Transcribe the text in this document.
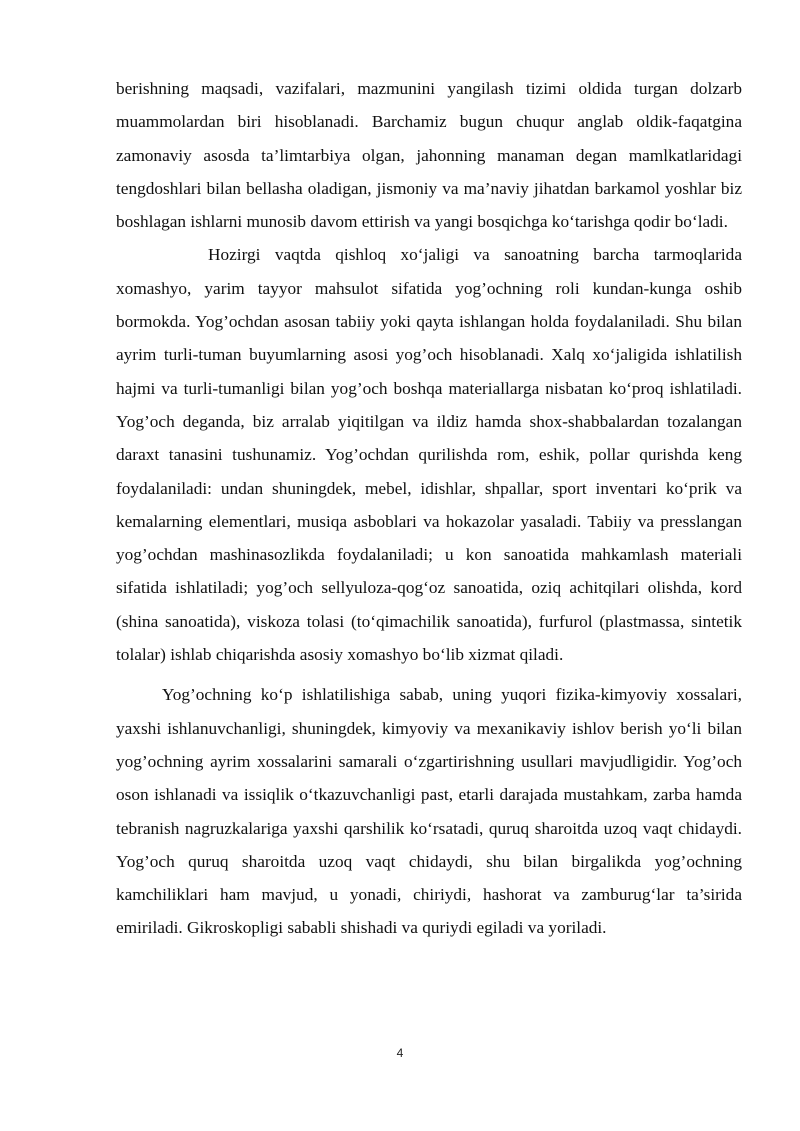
berishning maqsadi, vazifalari, mazmunini yangilash tizimi oldida turgan dolzarb muammolardan biri hisoblanadi. Barchamiz bugun chuqur anglab oldik-faqatgina zamonaviy asosda ta’limtarbiya olgan, jahonning manaman degan mamlkatlaridagi tengdoshlari bilan bellasha oladigan, jismoniy va ma’naviy jihatdan barkamol yoshlar biz boshlagan ishlarni munosib davom ettirish va yangi bosqichga ko‘tarishga qodir bo‘ladi.

Hozirgi vaqtda qishloq xo‘jaligi va sanoatning barcha tarmoqlarida xomashyo, yarim tayyor mahsulot sifatida yog’ochning roli kundan-kunga oshib bormokda. Yog’ochdan asosan tabiiy yoki qayta ishlangan holda foydalaniladi. Shu bilan ayrim turli-tuman buyumlarning asosi yog’och hisoblanadi. Xalq xo‘jaligida ishlatilish hajmi va turli-tumanligi bilan yog’och boshqa materiallarga nisbatan ko‘proq ishlatiladi. Yog’och deganda, biz arralab yiqitilgan va ildiz hamda shox-shabbalardan tozalangan daraxt tanasini tushunamiz. Yog’ochdan qurilishda rom, eshik, pollar qurishda keng foydalaniladi: undan shuningdek, mebel, idishlar, shpallar, sport inventari ko‘prik va kemalarning elementlari, musiqa asboblari va hokazolar yasaladi. Tabiiy va presslangan yog’ochdan mashinasozlikda foydalaniladi; u kon sanoatida mahkamlash materiali sifatida ishlatiladi; yog’och sellyuloza-qog‘oz sanoatida, oziq achitqilari olishda, kord (shina sanoatida), viskoza tolasi (to‘qimachilik sanoatida), furfurol (plastmassa, sintetik tolalar) ishlab chiqarishda asosiy xomashyo bo‘lib xizmat qiladi.

Yog’ochning ko‘p ishlatilishiga sabab, uning yuqori fizika-kimyoviy xossalari, yaxshi ishlanuvchanligi, shuningdek, kimyoviy va mexanikaviy ishlov berish yo‘li bilan yog’ochning ayrim xossalarini samarali o‘zgartirishning usullari mavjudligidir. Yog’och oson ishlanadi va issiqlik o‘tkazuvchanligi past, etarli darajada mustahkam, zarba hamda tebranish nagruzkalariga yaxshi qarshilik ko‘rsatadi, quruq sharoitda uzoq vaqt chidaydi. Yog’och quruq sharoitda uzoq vaqt chidaydi, shu bilan birgalikda yog’ochning kamchiliklari ham mavjud, u yonadi, chiriydi, hashorat va zamburug‘lar ta’sirida emiriladi. Gikroskopligi sababli shishadi va quriydi egiladi va yoriladi.

4
